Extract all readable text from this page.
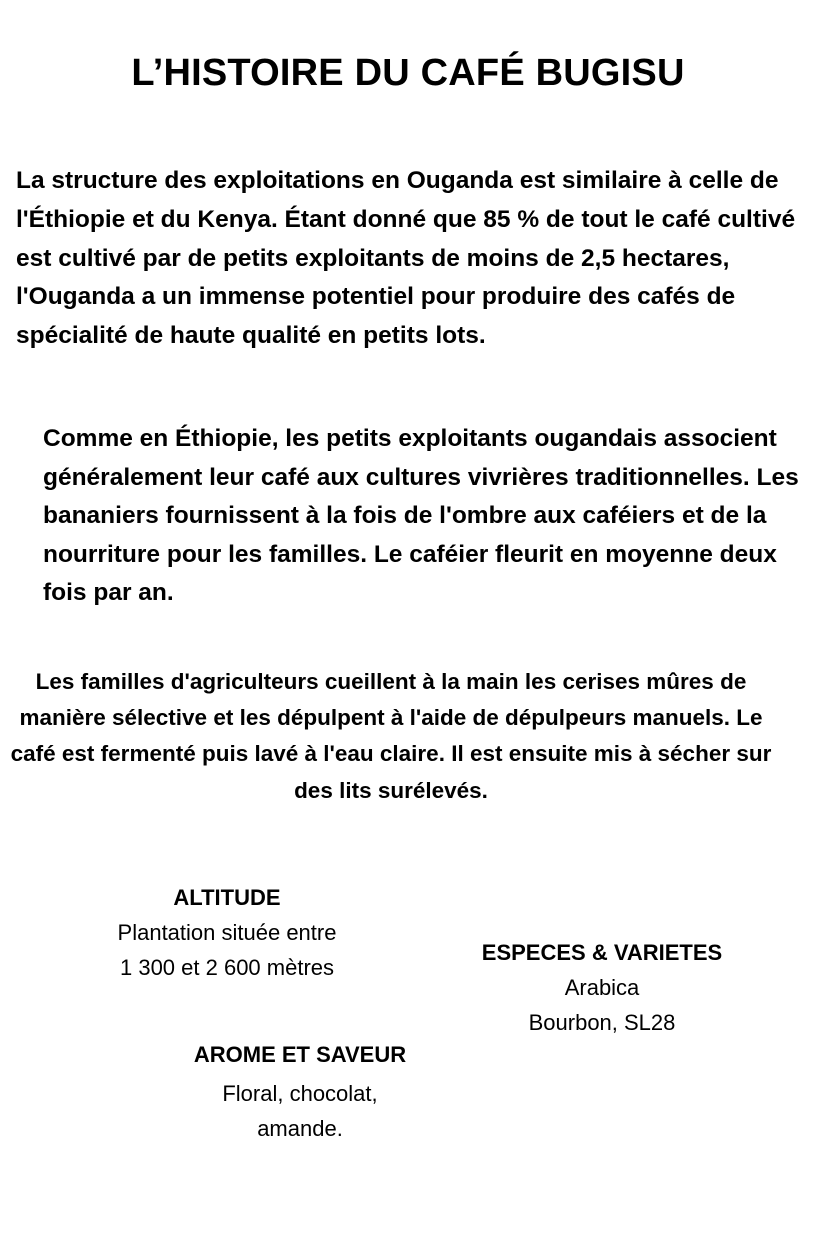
L’HISTOIRE DU CAFÉ BUGISU

La structure des exploitations en Ouganda est similaire à celle de l'Éthiopie et du Kenya. Étant donné que 85 % de tout le café cultivé est cultivé par de petits exploitants de moins de 2,5 hectares, l'Ouganda a un immense potentiel pour produire des cafés de spécialité de haute qualité en petits lots.

Comme en Éthiopie, les petits exploitants ougandais associent généralement leur café aux cultures vivrières traditionnelles. Les bananiers fournissent à la fois de l'ombre aux caféiers et de la nourriture pour les familles. Le caféier fleurit en moyenne deux fois par an.

Les familles d'agriculteurs cueillent à la main les cerises mûres de manière sélective et les dépulpent à l'aide de dépulpeurs manuels. Le café est fermenté puis lavé à l'eau claire. Il est ensuite mis à sécher sur des lits surélevés.

ALTITUDE
Plantation située entre
1 300 et 2 600 mètres
ESPECES & VARIETES
Arabica
Bourbon, SL28
AROME ET SAVEUR
Floral, chocolat,
amande.
